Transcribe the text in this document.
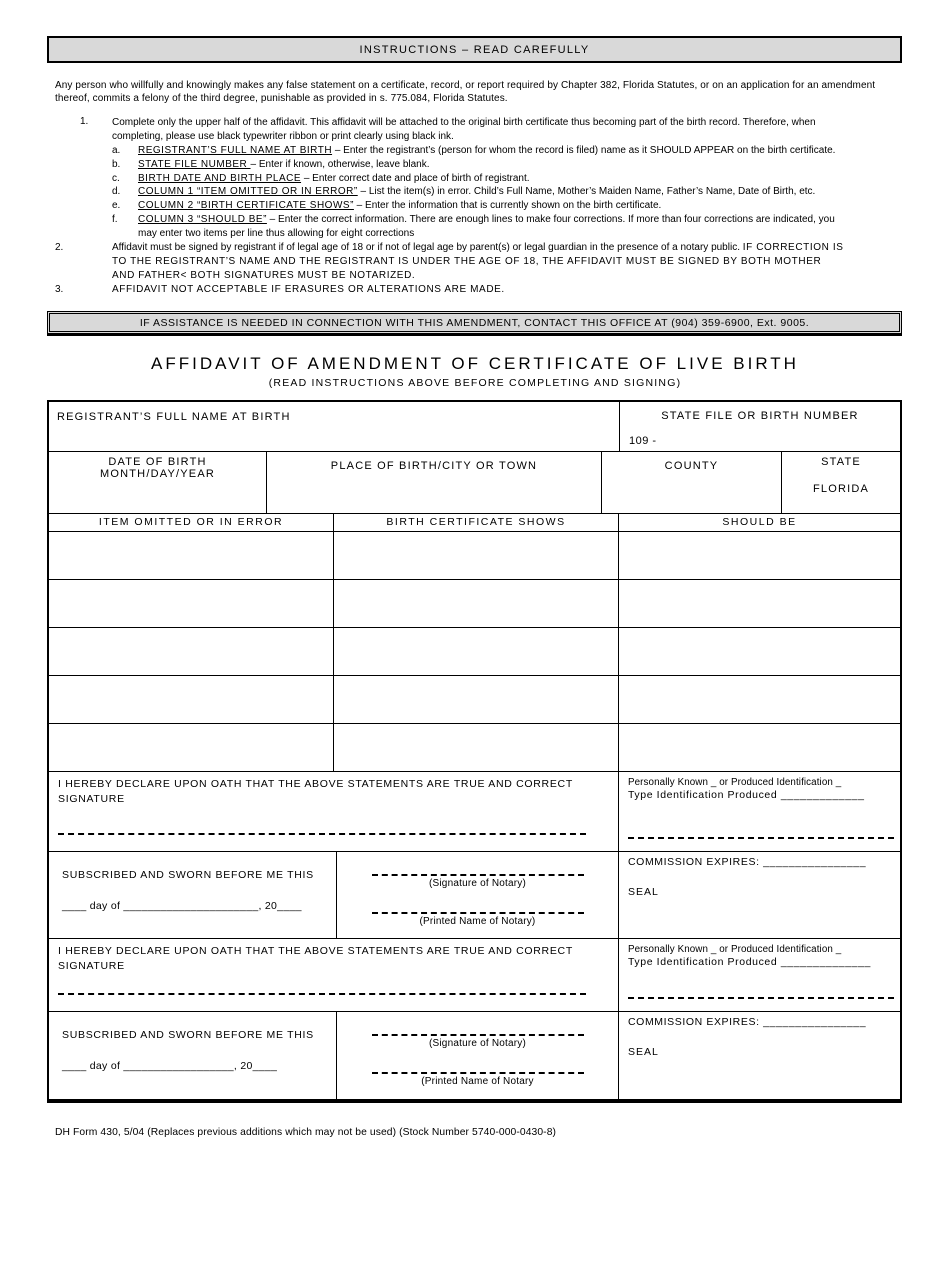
INSTRUCTIONS – READ CAREFULLY
Any person who willfully and knowingly makes any false statement on a certificate, record, or report required by Chapter 382, Florida Statutes, or on an application for an amendment thereof, commits a felony of the third degree, punishable as provided in s. 775.084, Florida Statutes.
1.	Complete only the upper half of the affidavit. This affidavit will be attached to the original birth certificate thus becoming part of the birth record. Therefore, when completing, please use black typewriter ribbon or print clearly using black ink.
a.	REGISTRANT’S FULL NAME AT BIRTH – Enter the registrant’s (person for whom the record is filed) name as it SHOULD APPEAR on the birth certificate.
b.	STATE FILE NUMBER – Enter if known, otherwise, leave blank.
c.	BIRTH DATE AND BIRTH PLACE – Enter correct date and place of birth of registrant.
d.	COLUMN 1 “ITEM OMITTED OR IN ERROR” – List the item(s) in error. Child’s Full Name, Mother’s Maiden Name, Father’s Name, Date of Birth, etc.
e.	COLUMN 2 “BIRTH CERTIFICATE SHOWS” – Enter the information that is currently shown on the birth certificate.
f.	COLUMN 3 “SHOULD BE” – Enter the correct information. There are enough lines to make four corrections. If more than four corrections are indicated, you may enter two items per line thus allowing for eight corrections
2.	Affidavit must be signed by registrant if of legal age of 18 or if not of legal age by parent(s) or legal guardian in the presence of a notary public. IF CORRECTION IS TO THE REGISTRANT’S NAME AND THE REGISTRANT IS UNDER THE AGE OF 18, THE AFFIDAVIT MUST BE SIGNED BY BOTH MOTHER AND FATHER< BOTH SIGNATURES MUST BE NOTARIZED.
3.	AFFIDAVIT NOT ACCEPTABLE IF ERASURES OR ALTERATIONS ARE MADE.
IF ASSISTANCE IS NEEDED IN CONNECTION WITH THIS AMENDMENT, CONTACT THIS OFFICE AT (904) 359-6900, Ext. 9005.
AFFIDAVIT OF AMENDMENT OF CERTIFICATE OF LIVE BIRTH
(READ INSTRUCTIONS ABOVE BEFORE COMPLETING AND SIGNING)
REGISTRANT’S FULL NAME AT BIRTH	STATE FILE OR BIRTH NUMBER
109 -
DATE OF BIRTH
MONTH/DAY/YEAR
PLACE OF BIRTH/CITY OR TOWN	COUNTY	STATE
FLORIDA
ITEM OMITTED OR IN ERROR	BIRTH CERTIFICATE SHOWS	SHOULD BE
I HEREBY DECLARE UPON OATH THAT THE ABOVE STATEMENTS ARE TRUE AND CORRECT
SIGNATURE
Personally Known _ or Produced Identification _
Type Identification Produced _____________
SUBSCRIBED AND SWORN BEFORE ME THIS
____ day of ______________________, 20____
(Signature of Notary)
(Printed Name of Notary)
COMMISSION EXPIRES: ________________
SEAL
I HEREBY DECLARE UPON OATH THAT THE ABOVE STATEMENTS ARE TRUE AND CORRECT
SIGNATURE
Personally Known _ or Produced Identification _
Type Identification Produced ______________
SUBSCRIBED AND SWORN BEFORE ME THIS
____ day of __________________, 20____
(Signature of Notary)
(Printed Name of Notary
COMMISSION EXPIRES: ________________
SEAL
DH Form 430, 5/04 (Replaces previous additions which may not be used) (Stock Number 5740-000-0430-8)
